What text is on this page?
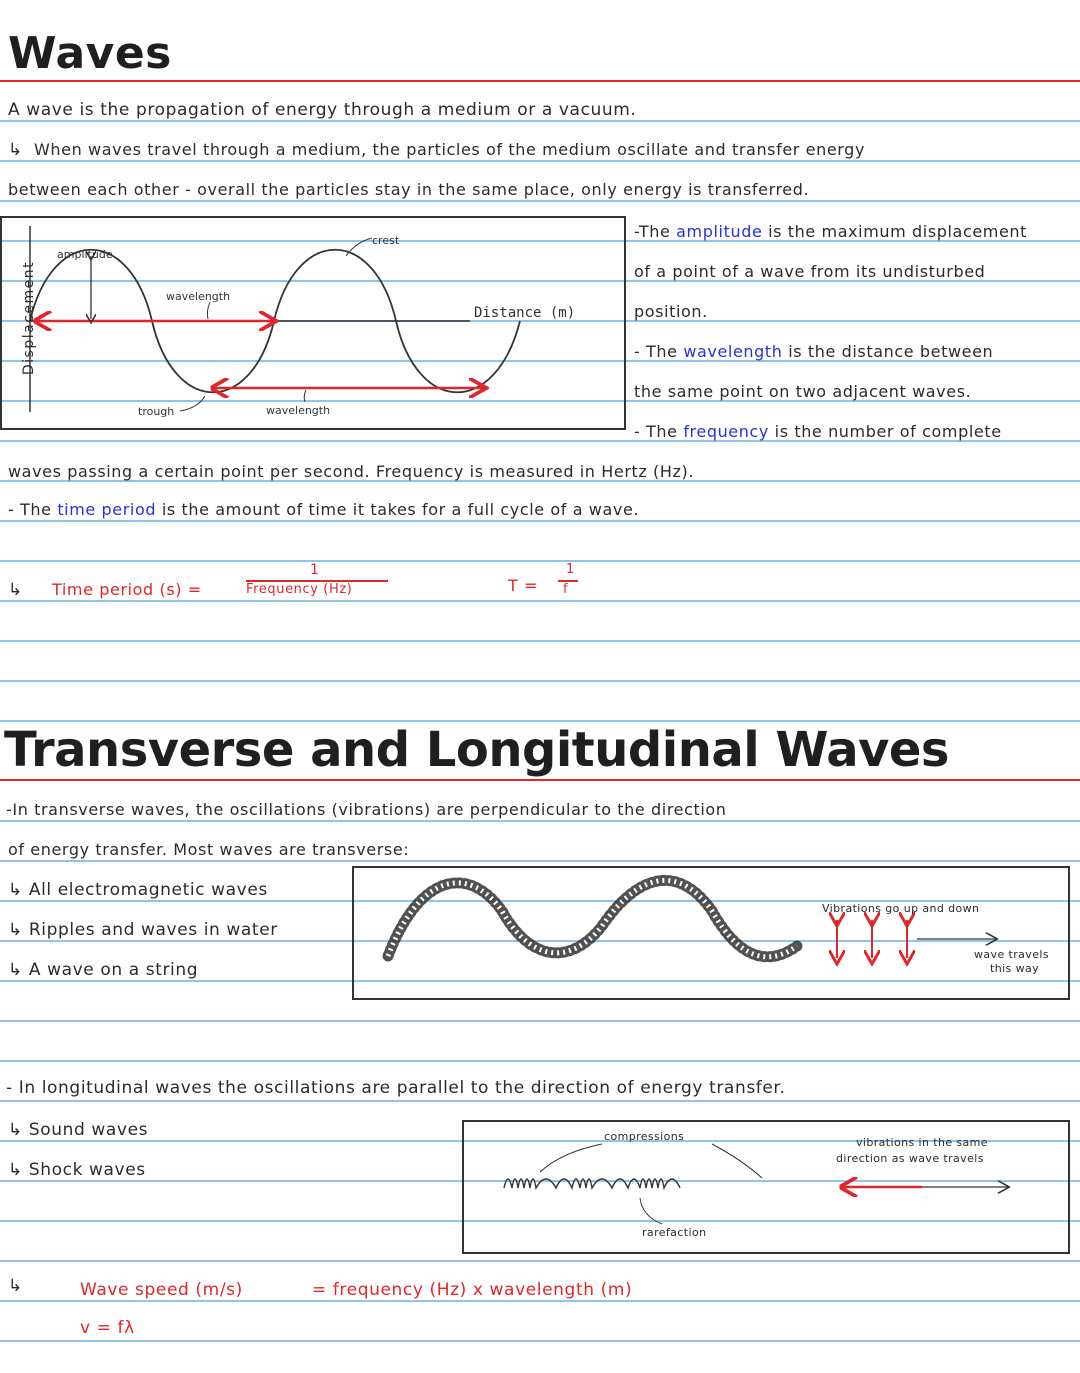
Waves
A wave is the propagation of energy through a medium or a vacuum.
↳ When waves travel through a medium, the particles of the medium oscillate and transfer energy
between each other - overall the particles stay in the same place, only energy is transferred.
Displacement
amplitude
crest
wavelength
trough	wavelength
Distance (m)
-The amplitude is the maximum displacement
of a point of a wave from its undisturbed
position.
- The wavelength is the distance between
the same point on two adjacent waves.
- The frequency is the number of complete
waves passing a certain point per second. Frequency is measured in Hertz (Hz).
- The time period is the amount of time it takes for a full cycle of a wave.
↳ Time period (s) =
1
Frequency (Hz)	T =
1
f
Transverse and Longitudinal Waves
-In transverse waves, the oscillations (vibrations) are perpendicular to the direction
of energy transfer. Most waves are transverse:
↳ All electromagnetic waves
↳ Ripples and waves in water
↳ A wave on a string
Vibrations go up and down
wave travels
this way
- In longitudinal waves the oscillations are parallel to the direction of energy transfer.
↳ Sound waves
↳ Shock waves
compressions
rarefaction
vibrations in the same
direction as wave travels
↳	Wave speed (m/s)	= frequency (Hz) x wavelength (m)
v = fλ
